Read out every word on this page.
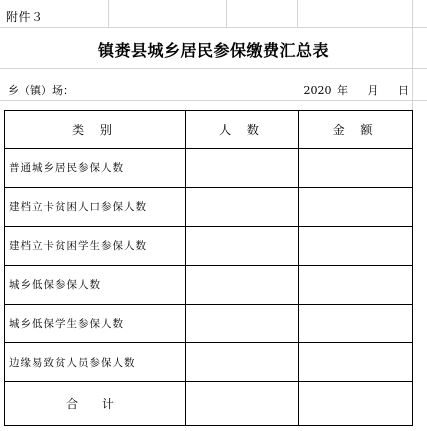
附件３
镇赉县城乡居民参保缴费汇总表
乡（镇）场：	2020 年 月 日
类 别	人 数	金 额
普通城乡居民参保人数		
建档立卡贫困人口参保人数		
建档立卡贫困学生参保人数		
城乡低保参保人数		
城乡低保学生参保人数		
边缘易致贫人员参保人数		
合 计		
